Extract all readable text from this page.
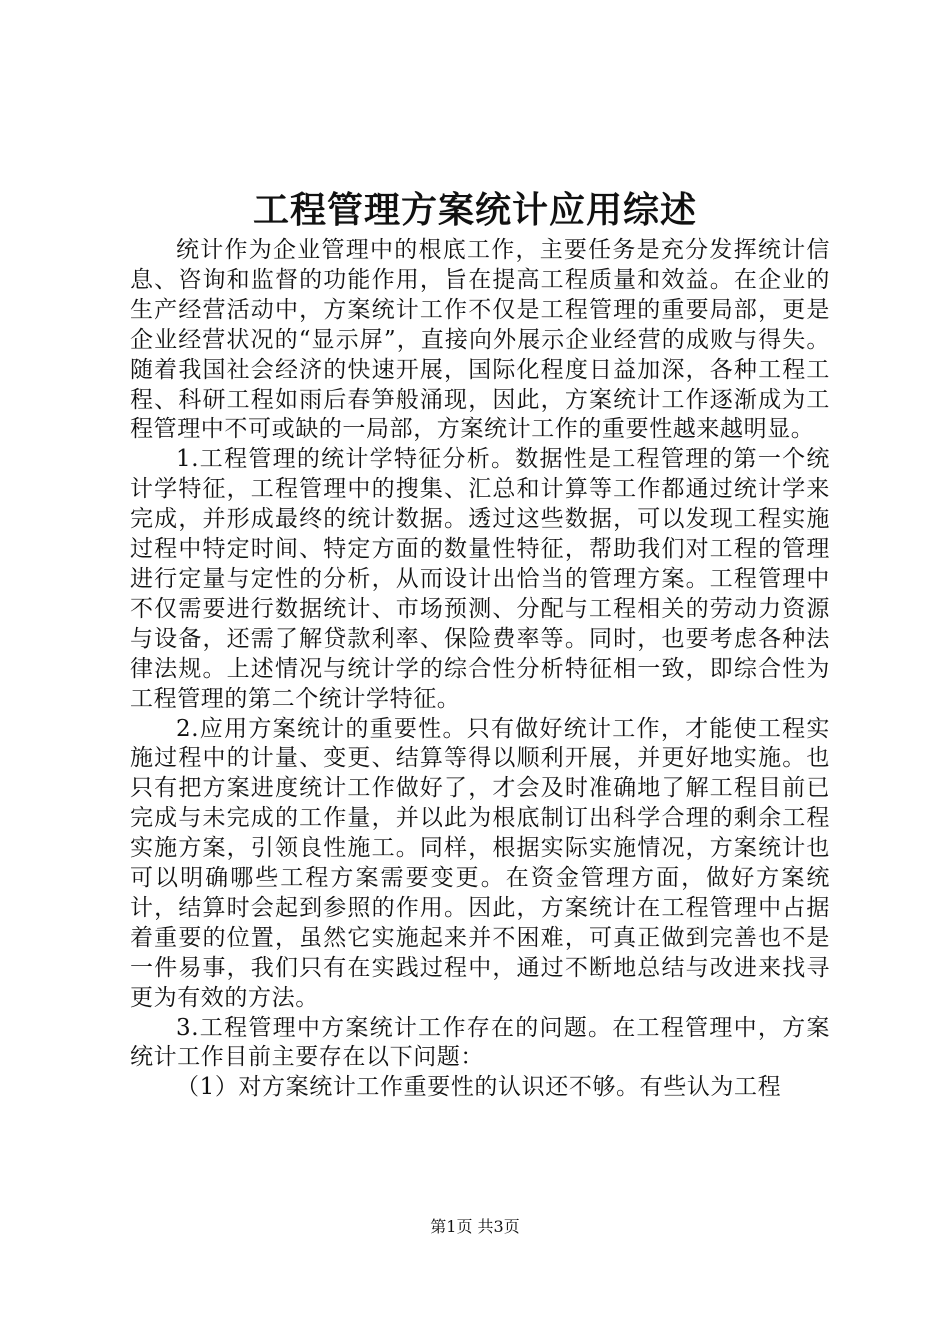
工程管理方案统计应用综述

统计作为企业管理中的根底工作，主要任务是充分发挥统计信息、咨询和监督的功能作用，旨在提高工程质量和效益。在企业的生产经营活动中，方案统计工作不仅是工程管理的重要局部，更是企业经营状况的“显示屏”，直接向外展示企业经营的成败与得失。随着我国社会经济的快速开展，国际化程度日益加深，各种工程工程、科研工程如雨后春笋般涌现，因此，方案统计工作逐渐成为工程管理中不可或缺的一局部，方案统计工作的重要性越来越明显。

1.工程管理的统计学特征分析。数据性是工程管理的第一个统计学特征，工程管理中的搜集、汇总和计算等工作都通过统计学来完成，并形成最终的统计数据。透过这些数据，可以发现工程实施过程中特定时间、特定方面的数量性特征，帮助我们对工程的管理进行定量与定性的分析，从而设计出恰当的管理方案。工程管理中不仅需要进行数据统计、市场预测、分配与工程相关的劳动力资源与设备，还需了解贷款利率、保险费率等。同时，也要考虑各种法律法规。上述情况与统计学的综合性分析特征相一致，即综合性为工程管理的第二个统计学特征。

2.应用方案统计的重要性。只有做好统计工作，才能使工程实施过程中的计量、变更、结算等得以顺利开展，并更好地实施。也只有把方案进度统计工作做好了，才会及时准确地了解工程目前已完成与未完成的工作量，并以此为根底制订出科学合理的剩余工程实施方案，引领良性施工。同样，根据实际实施情况，方案统计也可以明确哪些工程方案需要变更。在资金管理方面，做好方案统计，结算时会起到参照的作用。因此，方案统计在工程管理中占据着重要的位置，虽然它实施起来并不困难，可真正做到完善也不是一件易事，我们只有在实践过程中，通过不断地总结与改进来找寻更为有效的方法。

3.工程管理中方案统计工作存在的问题。在工程管理中，方案统计工作目前主要存在以下问题：

（1）对方案统计工作重要性的认识还不够。有些认为工程

第1页 共3页
